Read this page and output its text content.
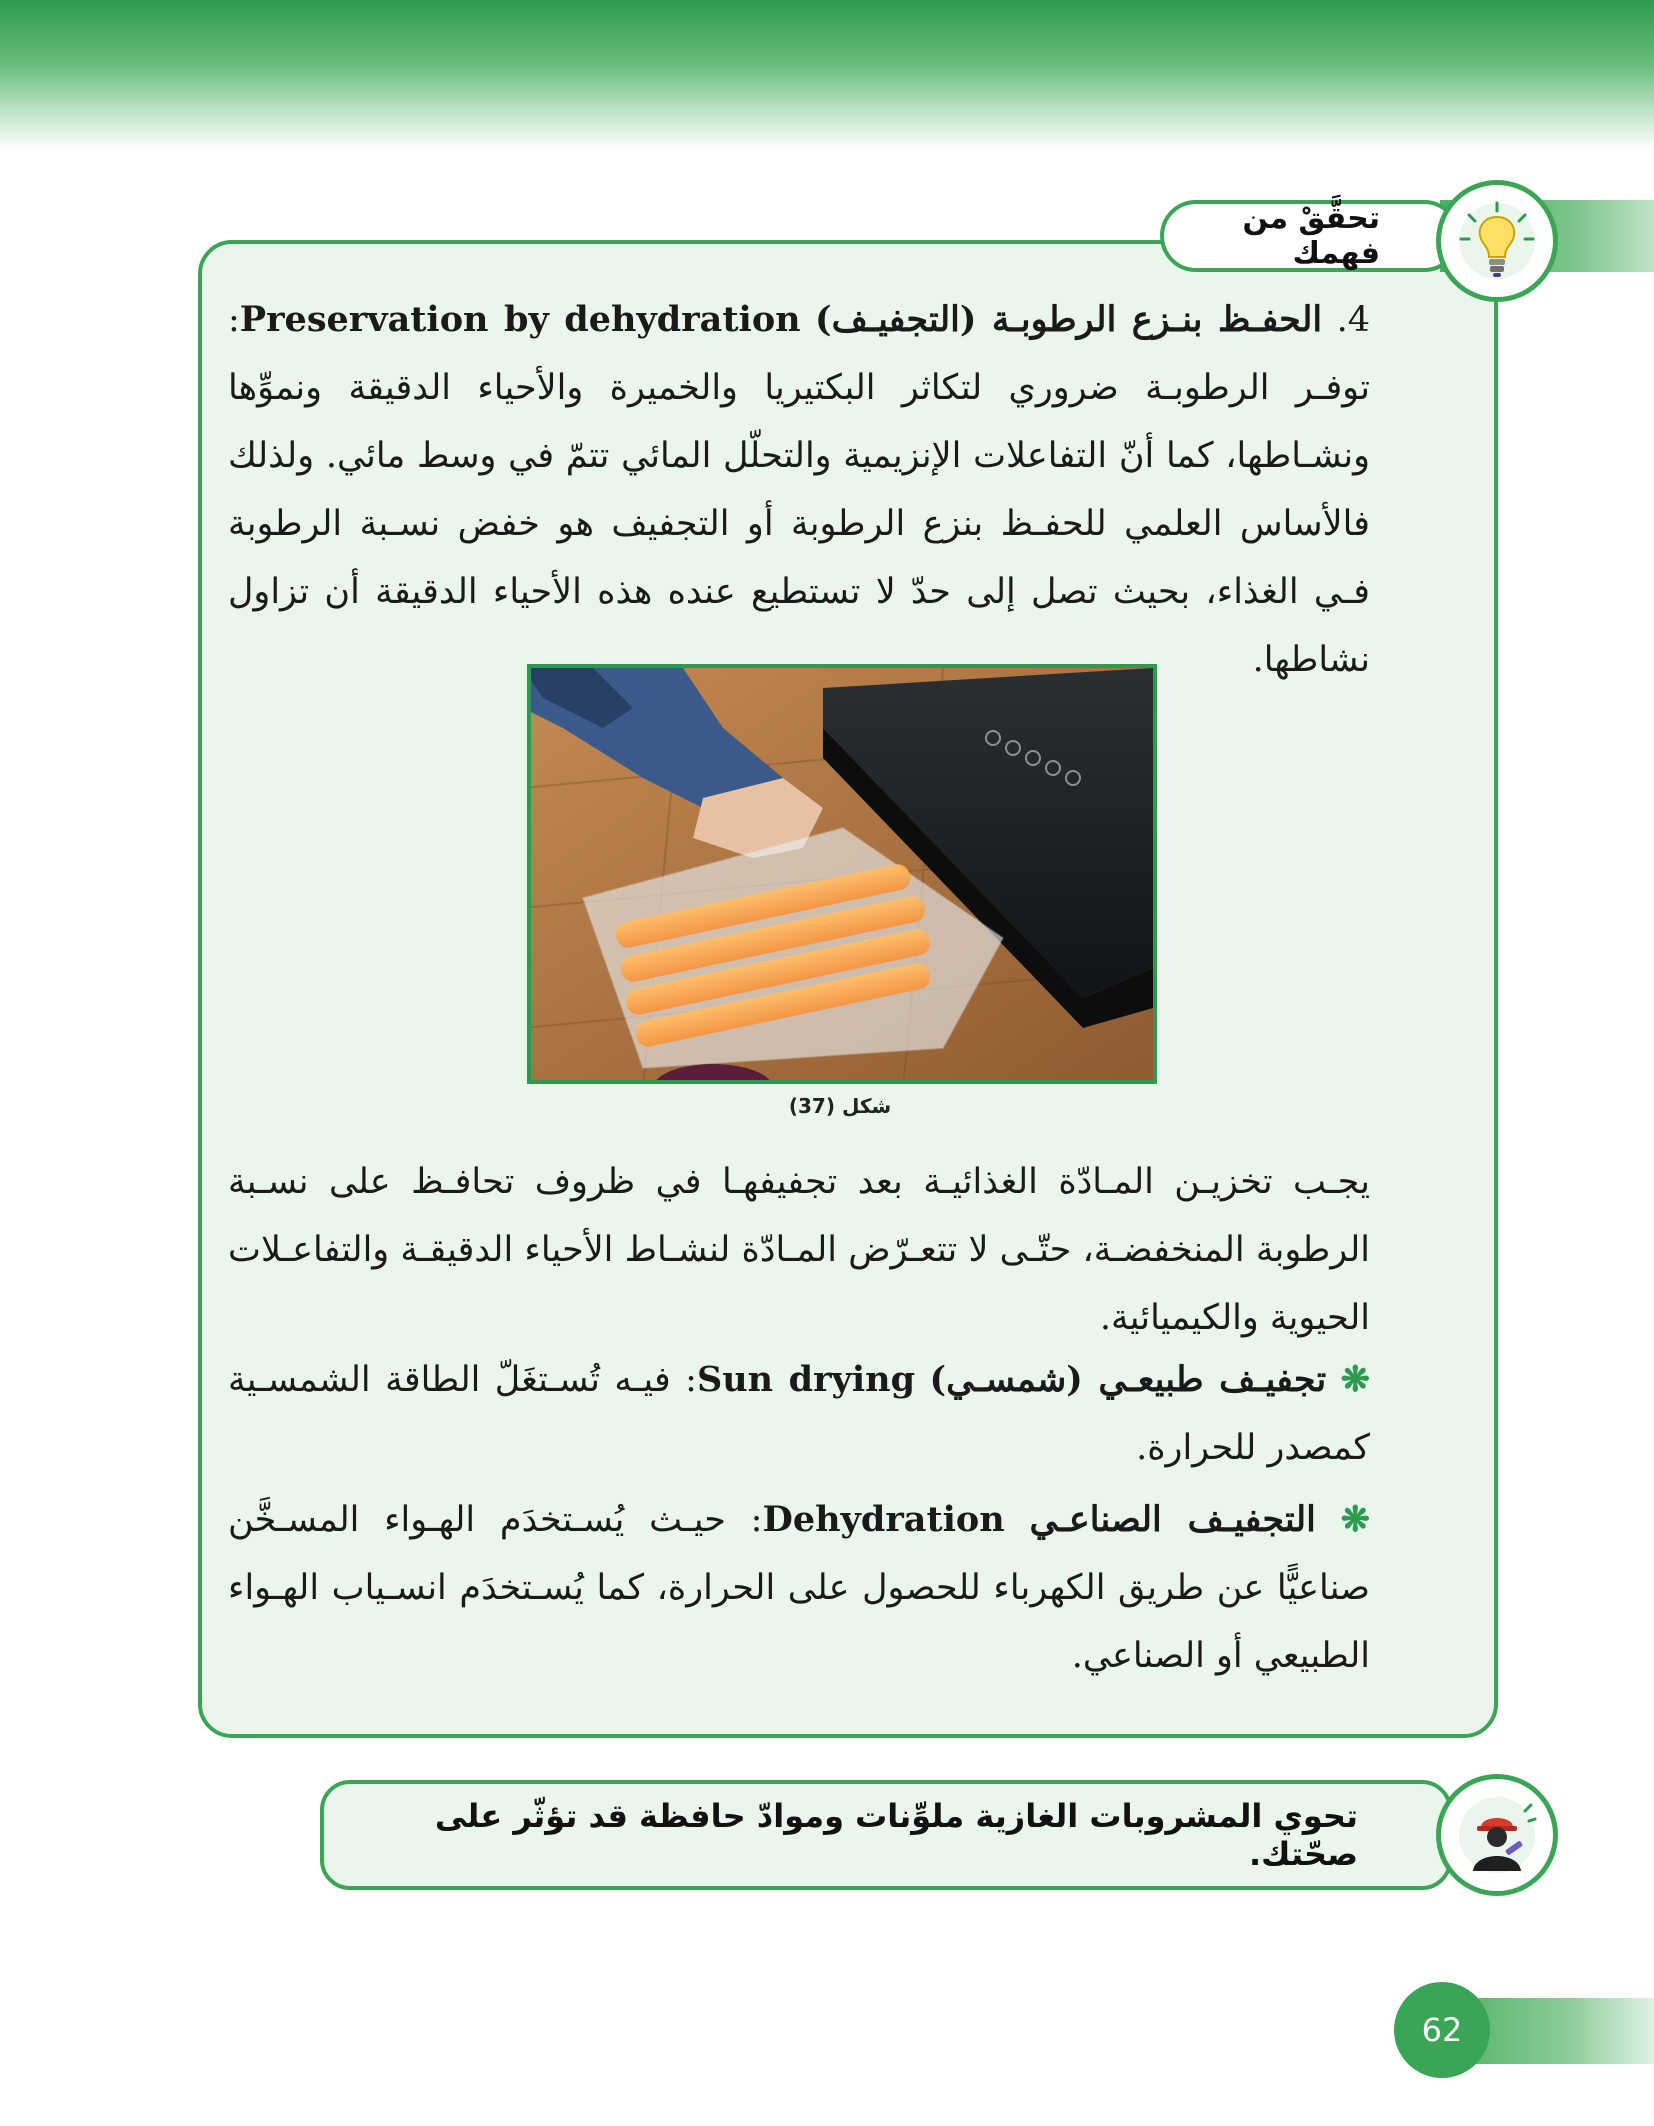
تحقَّقْ من فهمك
4. الحفـظ بنـزع الرطوبـة (التجفيـف) Preservation by dehydration: توفـر الرطوبـة ضروري لتكاثر البكتيريا والخميرة والأحياء الدقيقة ونموِّها ونشـاطها، كما أنّ التفاعلات الإنزيمية والتحلّل المائي تتمّ في وسط مائي. ولذلك فالأساس العلمي للحفـظ بنزع الرطوبة أو التجفيف هو خفض نسـبة الرطوبة فـي الغذاء، بحيث تصل إلى حدّ لا تستطيع عنده هذه الأحياء الدقيقة أن تزاول نشاطها.
شكل (37)
يجـب تخزيـن المـادّة الغذائيـة بعد تجفيفهـا في ظروف تحافـظ على نسـبة الرطوبة المنخفضـة، حتّـى لا تتعـرّض المـادّة لنشـاط الأحياء الدقيقـة والتفاعـلات الحيوية والكيميائية.
❋ تجفيـف طبيعـي (شمسـي) Sun drying: فيـه تُسـتغَلّ الطاقة الشمسـية كمصدر للحرارة.
❋ التجفيـف الصناعـي Dehydration: حيـث يُسـتخدَم الهـواء المسـخَّن صناعيًّا عن طريق الكهرباء للحصول على الحرارة، كما يُسـتخدَم انسـياب الهـواء الطبيعي أو الصناعي.
تحوي المشروبات الغازية ملوِّنات وموادّ حافظة قد تؤثّر على صحّتك.
62
